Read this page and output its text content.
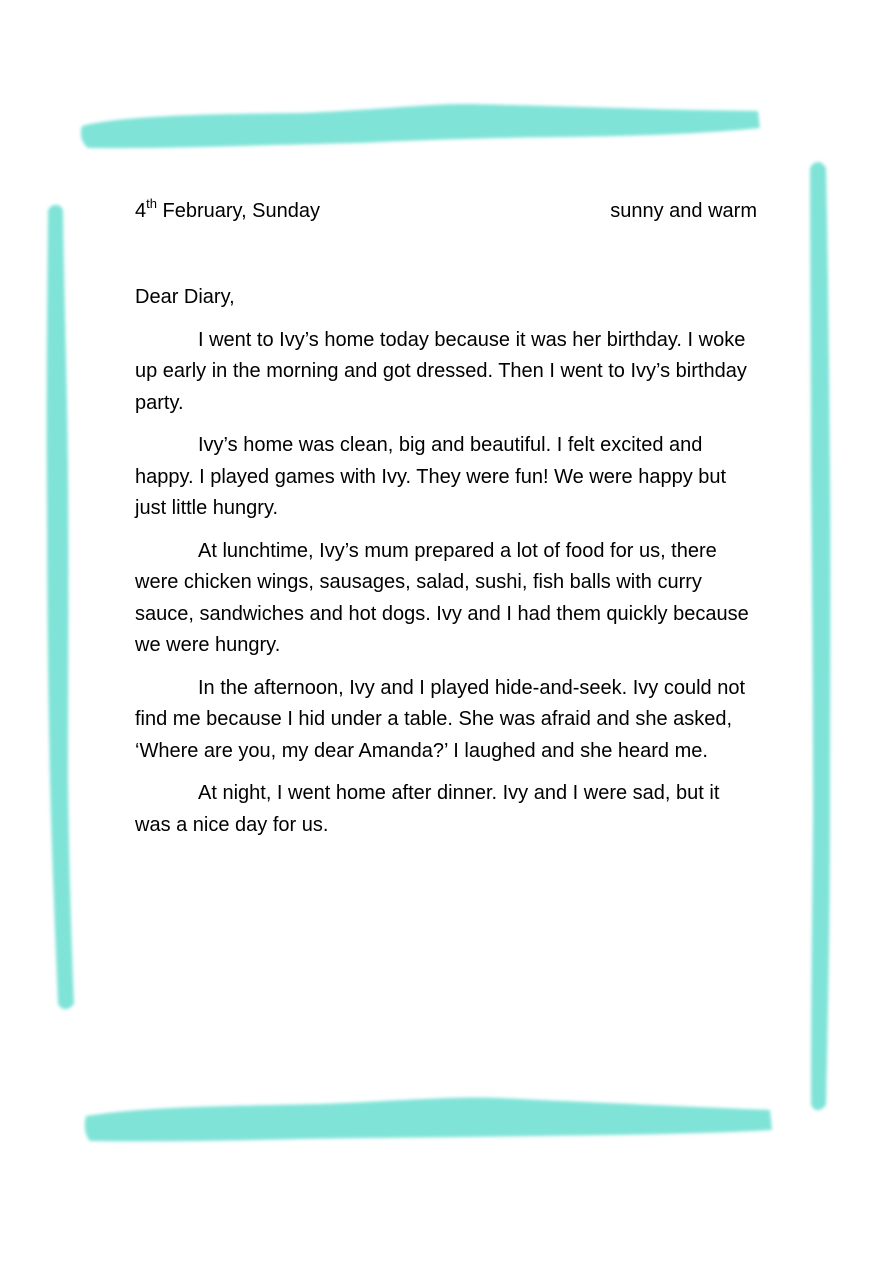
4th February, Sunday	sunny and warm

Dear Diary,

I went to Ivy’s home today because it was her birthday. I woke up early in the morning and got dressed. Then I went to Ivy’s birthday party.

Ivy’s home was clean, big and beautiful. I felt excited and happy. I played games with Ivy. They were fun! We were happy but just little hungry.

At lunchtime, Ivy’s mum prepared a lot of food for us, there were chicken wings, sausages, salad, sushi, fish balls with curry sauce, sandwiches and hot dogs. Ivy and I had them quickly because we were hungry.

In the afternoon, Ivy and I played hide-and-seek. Ivy could not find me because I hid under a table. She was afraid and she asked, ‘Where are you, my dear Amanda?’ I laughed and she heard me.

At night, I went home after dinner. Ivy and I were sad, but it was a nice day for us.
